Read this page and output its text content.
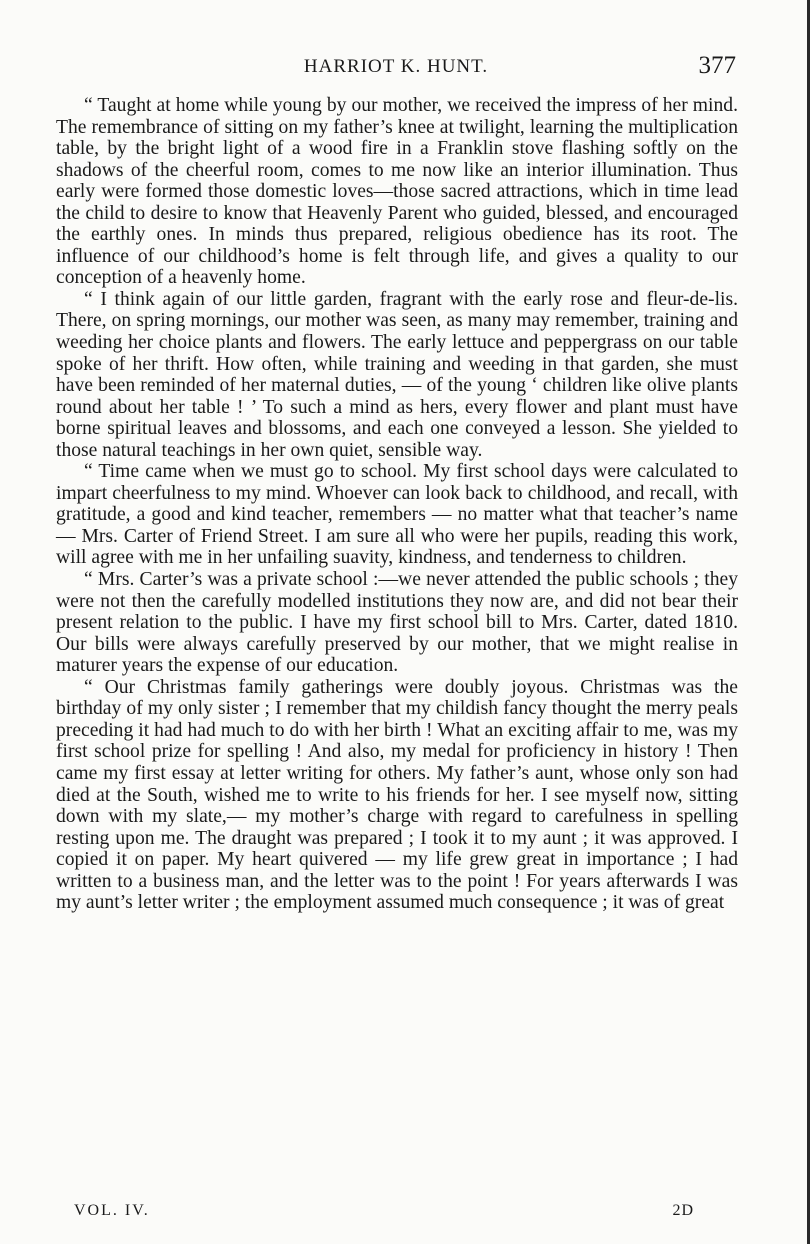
HARRIOT K. HUNT.	377

“ Taught at home while young by our mother, we received the impress of her mind. The remembrance of sitting on my father’s knee at twilight, learning the multiplication table, by the bright light of a wood fire in a Franklin stove flashing softly on the shadows of the cheerful room, comes to me now like an interior illumination. Thus early were formed those domestic loves—those sacred attractions, which in time lead the child to desire to know that Heavenly Parent who guided, blessed, and encouraged the earthly ones. In minds thus prepared, religious obedience has its root. The influence of our childhood’s home is felt through life, and gives a quality to our conception of a heavenly home.

“ I think again of our little garden, fragrant with the early rose and fleur-de-lis. There, on spring mornings, our mother was seen, as many may remember, training and weeding her choice plants and flowers. The early lettuce and peppergrass on our table spoke of her thrift. How often, while training and weeding in that garden, she must have been reminded of her maternal duties, — of the young ‘ children like olive plants round about her table ! ’ To such a mind as hers, every flower and plant must have borne spiritual leaves and blossoms, and each one conveyed a lesson. She yielded to those natural teachings in her own quiet, sensible way.

“ Time came when we must go to school. My first school days were calculated to impart cheerfulness to my mind. Whoever can look back to childhood, and recall, with gratitude, a good and kind teacher, remembers — no matter what that teacher’s name — Mrs. Carter of Friend Street. I am sure all who were her pupils, reading this work, will agree with me in her unfailing suavity, kindness, and tenderness to children.

“ Mrs. Carter’s was a private school :—we never attended the public schools ; they were not then the carefully modelled institutions they now are, and did not bear their present relation to the public. I have my first school bill to Mrs. Carter, dated 1810. Our bills were always carefully preserved by our mother, that we might realise in maturer years the expense of our education.

“ Our Christmas family gatherings were doubly joyous. Christmas was the birthday of my only sister ; I remember that my childish fancy thought the merry peals preceding it had had much to do with her birth ! What an exciting affair to me, was my first school prize for spelling ! And also, my medal for proficiency in history ! Then came my first essay at letter writing for others. My father’s aunt, whose only son had died at the South, wished me to write to his friends for her. I see myself now, sitting down with my slate,— my mother’s charge with regard to carefulness in spelling resting upon me. The draught was prepared ; I took it to my aunt ; it was approved. I copied it on paper. My heart quivered — my life grew great in importance ; I had written to a business man, and the letter was to the point ! For years afterwards I was my aunt’s letter writer ; the employment assumed much consequence ; it was of great

VOL. IV.	2D
